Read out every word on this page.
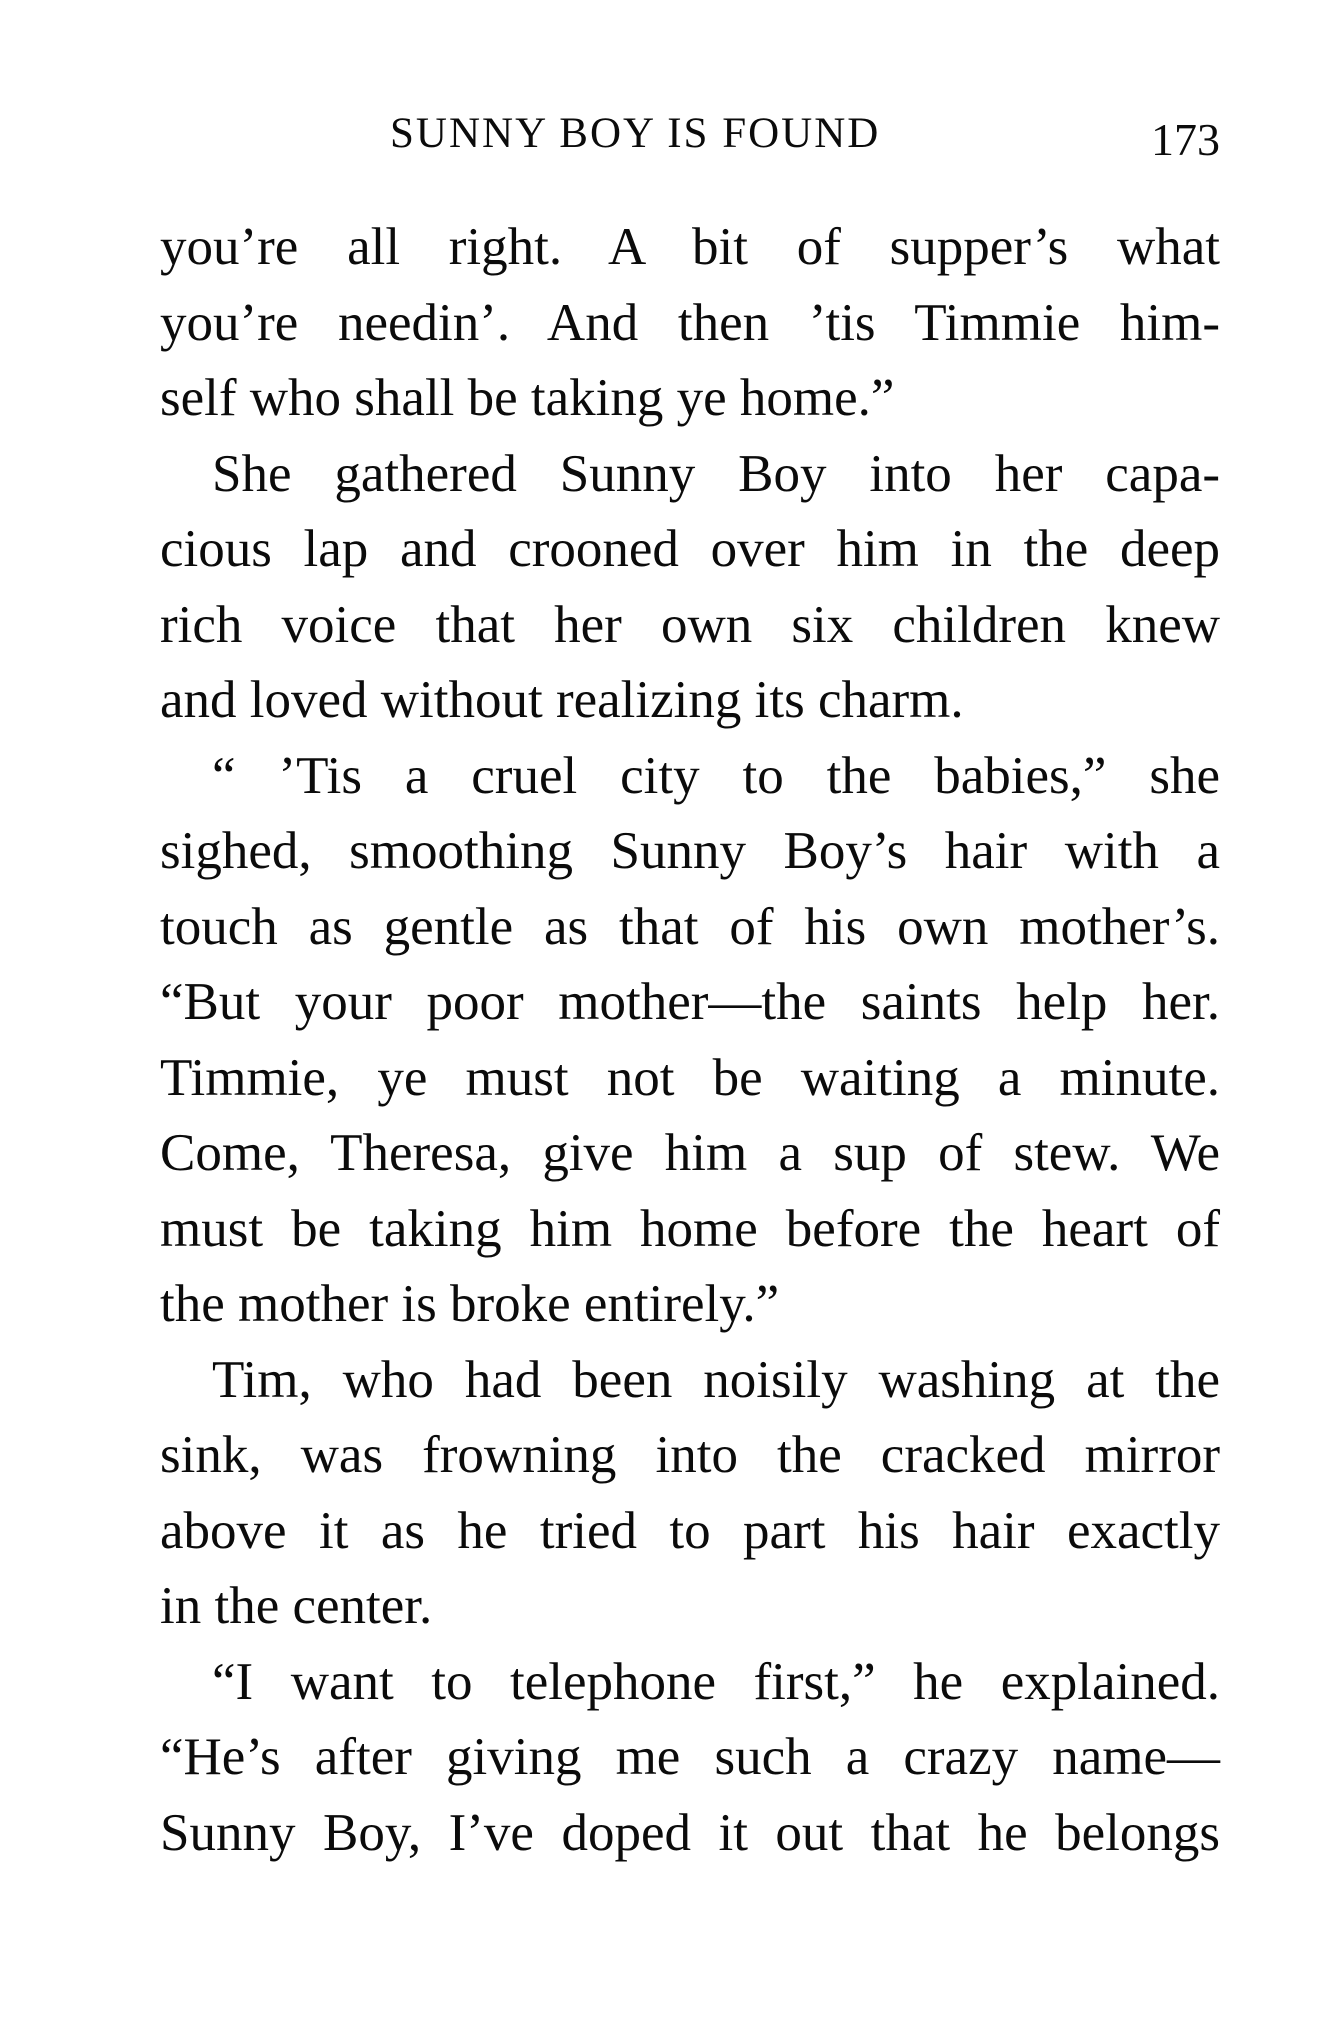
SUNNY BOY IS FOUND	173
you’re all right. A bit of supper’s what
you’re needin’. And then ’tis Timmie him-
self who shall be taking ye home.”
She gathered Sunny Boy into her capa-
cious lap and crooned over him in the deep
rich voice that her own six children knew
and loved without realizing its charm.
“ ’Tis a cruel city to the babies,” she
sighed, smoothing Sunny Boy’s hair with a
touch as gentle as that of his own mother’s.
“But your poor mother—the saints help her.
Timmie, ye must not be waiting a minute.
Come, Theresa, give him a sup of stew. We
must be taking him home before the heart of
the mother is broke entirely.”
Tim, who had been noisily washing at the
sink, was frowning into the cracked mirror
above it as he tried to part his hair exactly
in the center.
“I want to telephone first,” he explained.
“He’s after giving me such a crazy name—
Sunny Boy, I’ve doped it out that he belongs
